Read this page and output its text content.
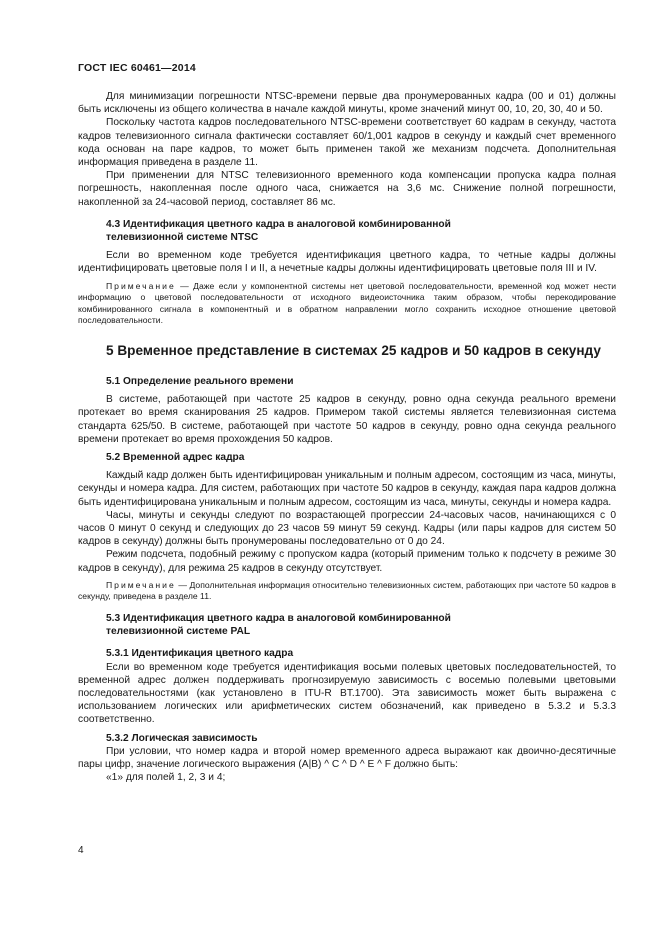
ГОСТ IEC 60461—2014

Для минимизации погрешности NTSC-времени первые два пронумерованных кадра (00 и 01) должны быть исключены из общего количества в начале каждой минуты, кроме значений минут 00, 10, 20, 30, 40 и 50.

Поскольку частота кадров последовательного NTSC-времени соответствует 60 кадрам в секунду, частота кадров телевизионного сигнала фактически составляет 60/1,001 кадров в секунду и каждый счет временного кода основан на паре кадров, то может быть применен такой же механизм подсчета. Дополнительная информация приведена в разделе 11.

При применении для NTSC телевизионного временного кода компенсации пропуска кадра полная погрешность, накопленная после одного часа, снижается на 3,6 мс. Снижение полной погрешности, накопленной за 24-часовой период, составляет 86 мс.

4.3 Идентификация цветного кадра в аналоговой комбинированной

телевизионной системе NTSC

Если во временном коде требуется идентификация цветного кадра, то четные кадры должны идентифицировать цветовые поля I и II, а нечетные кадры должны идентифицировать цветовые поля III и IV.

Примечание — Даже если у компонентной системы нет цветовой последовательности, временной код может нести информацию о цветовой последовательности от исходного видеоисточника таким образом, чтобы перекодирование комбинированного сигнала в компонентный и в обратном направлении могло сохранить исходное отношение цветовой последовательности.

5 Временное представление в системах 25 кадров и 50 кадров в секунду

5.1 Определение реального времени

В системе, работающей при частоте 25 кадров в секунду, ровно одна секунда реального времени протекает во время сканирования 25 кадров. Примером такой системы является телевизионная система стандарта 625/50. В системе, работающей при частоте 50 кадров в секунду, ровно одна секунда реального времени протекает во время прохождения 50 кадров.

5.2 Временной адрес кадра

Каждый кадр должен быть идентифицирован уникальным и полным адресом, состоящим из часа, минуты, секунды и номера кадра. Для систем, работающих при частоте 50 кадров в секунду, каждая пара кадров должна быть идентифицирована уникальным и полным адресом, состоящим из часа, минуты, секунды и номера кадра.

Часы, минуты и секунды следуют по возрастающей прогрессии 24-часовых часов, начинающихся с 0 часов 0 минут 0 секунд и следующих до 23 часов 59 минут 59 секунд. Кадры (или пары кадров для систем 50 кадров в секунду) должны быть пронумерованы последовательно от 0 до 24.

Режим подсчета, подобный режиму с пропуском кадра (который применим только к подсчету в режиме 30 кадров в секунду), для режима 25 кадров в секунду отсутствует.

Примечание — Дополнительная информация относительно телевизионных систем, работающих при частоте 50 кадров в секунду, приведена в разделе 11.

5.3 Идентификация цветного кадра в аналоговой комбинированной

телевизионной системе PAL

5.3.1 Идентификация цветного кадра

Если во временном коде требуется идентификация восьми полевых цветовых последовательностей, то временной адрес должен поддерживать прогнозируемую зависимость с восемью полевыми цветовыми последовательностями (как установлено в ITU-R BT.1700). Эта зависимость может быть выражена с использованием логических или арифметических систем обозначений, как приведено в 5.3.2 и 5.3.3 соответственно.

5.3.2 Логическая зависимость

При условии, что номер кадра и второй номер временного адреса выражают как двоично-десятичные пары цифр, значение логического выражения (A|B) ^ C ^ D ^ E ^ F должно быть:

«1» для полей 1, 2, 3 и 4;

4
